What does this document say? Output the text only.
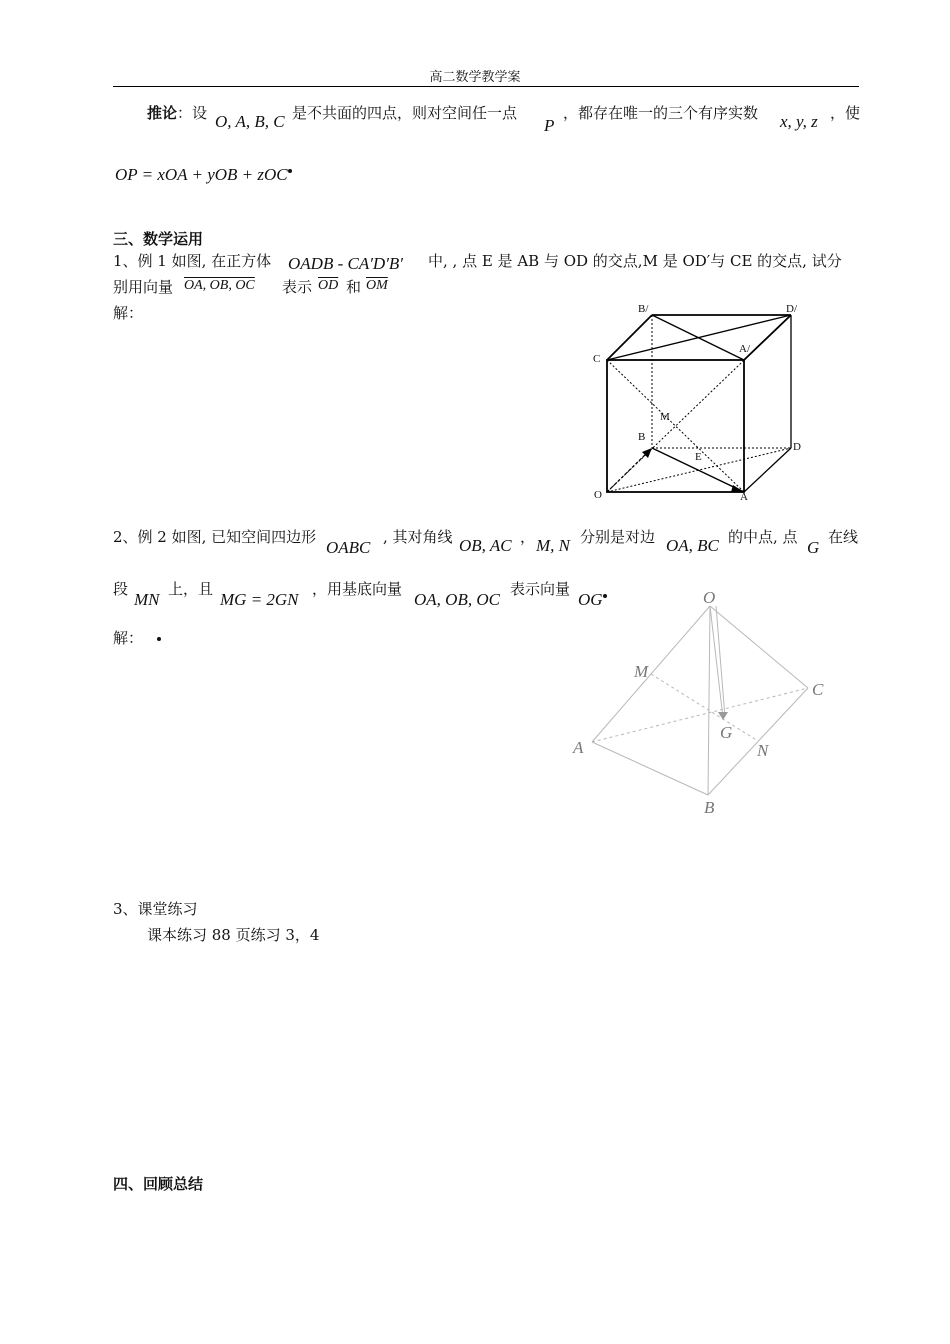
高二数学教学案
推论：设 O, A, B, C 是不共面的四点，则对空间任一点
P
，都存在唯一的三个有序实数 x, y, z ，使
OP = xOA + yOB + zOC
三、数学运用
1、例 1 如图, 在正方体 OADB - CA′D′B′ 中, , 点 E 是 AB 与 OD 的交点,M 是 OD′与 CE 的交点, 试分
别用向量 OA, OB, OC 表示 $\overline{OD}$ 和 $\overline{OM}$
解：	B/	D/
C
A/
M
B
D
E
O	A
2、例 2 如图, 已知空间四边形
OABC
, 其对角线 OB, AC ， M, N 分别是对边 OA, BC 的中点, 点
G
在线
段
MN
上，且
MG = 2GN
，用基底向量
OA, OB, OC
表示向量
OG
解：
O
M
C
A
G
N
B
3、课堂练习
课本练习 88 页练习 3，4
四、回顾总结
